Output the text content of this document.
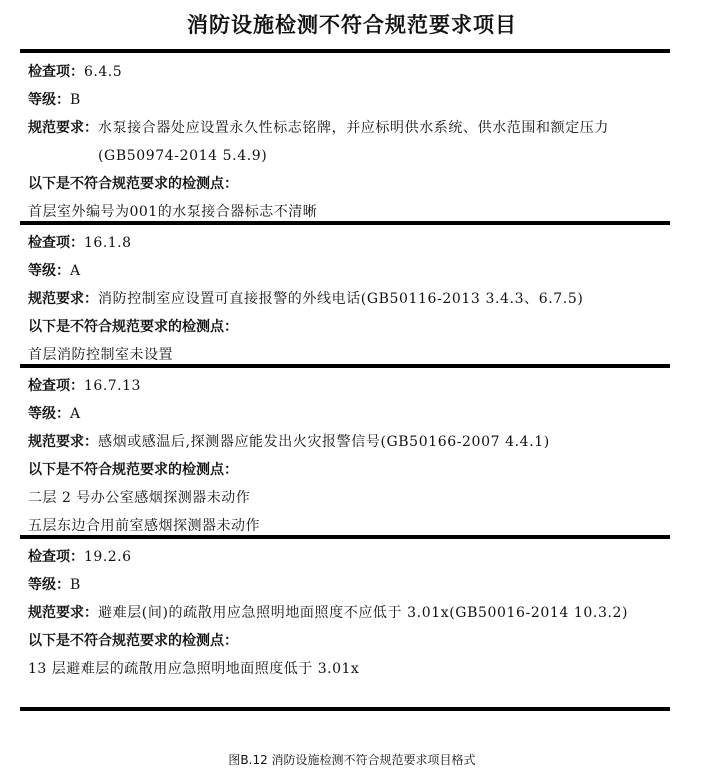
消防设施检测不符合规范要求项目
检查项：6.4.5
等级：B
规范要求： 水泵接合器处应设置永久性标志铭牌，并应标明供水系统、供水范围和额定压力(GB50974-2014 5.4.9)
以下是不符合规范要求的检测点：
首层室外编号为001的水泵接合器标志不清晰
检查项：16.1.8
等级：A
规范要求： 消防控制室应设置可直接报警的外线电话(GB50116-2013 3.4.3、6.7.5)
以下是不符合规范要求的检测点：
首层消防控制室未设置
检查项：16.7.13
等级：A
规范要求： 感烟或感温后,探测器应能发出火灾报警信号(GB50166-2007 4.4.1)
以下是不符合规范要求的检测点：
二层 2 号办公室感烟探测器未动作
五层东边合用前室感烟探测器未动作
检查项：19.2.6
等级：B
规范要求： 避难层(间)的疏散用应急照明地面照度不应低于 3.01x(GB50016-2014 10.3.2)
以下是不符合规范要求的检测点：
13 层避难层的疏散用应急照明地面照度低于 3.01x
图B.12 消防设施检测不符合规范要求项目格式
